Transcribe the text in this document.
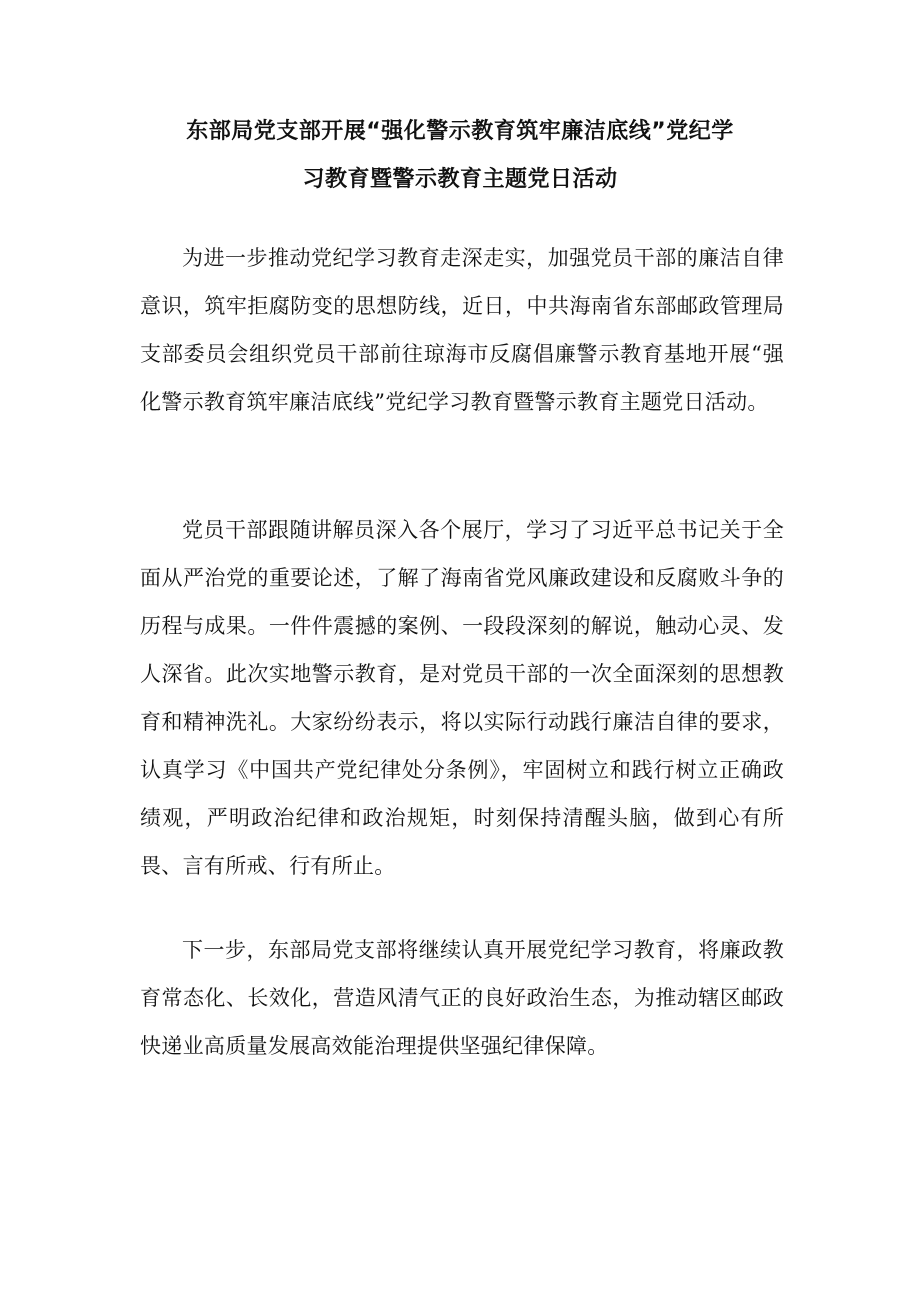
东部局党支部开展“强化警示教育筑牢廉洁底线”党纪学
习教育暨警示教育主题党日活动

为进一步推动党纪学习教育走深走实，加强党员干部的廉洁自律意识，筑牢拒腐防变的思想防线，近日，中共海南省东部邮政管理局支部委员会组织党员干部前往琼海市反腐倡廉警示教育基地开展“强化警示教育筑牢廉洁底线”党纪学习教育暨警示教育主题党日活动。

党员干部跟随讲解员深入各个展厅，学习了习近平总书记关于全面从严治党的重要论述，了解了海南省党风廉政建设和反腐败斗争的历程与成果。一件件震撼的案例、一段段深刻的解说，触动心灵、发人深省。此次实地警示教育，是对党员干部的一次全面深刻的思想教育和精神洗礼。大家纷纷表示，将以实际行动践行廉洁自律的要求，认真学习《中国共产党纪律处分条例》，牢固树立和践行树立正确政绩观，严明政治纪律和政治规矩，时刻保持清醒头脑，做到心有所畏、言有所戒、行有所止。

下一步，东部局党支部将继续认真开展党纪学习教育，将廉政教育常态化、长效化，营造风清气正的良好政治生态，为推动辖区邮政快递业高质量发展高效能治理提供坚强纪律保障。
